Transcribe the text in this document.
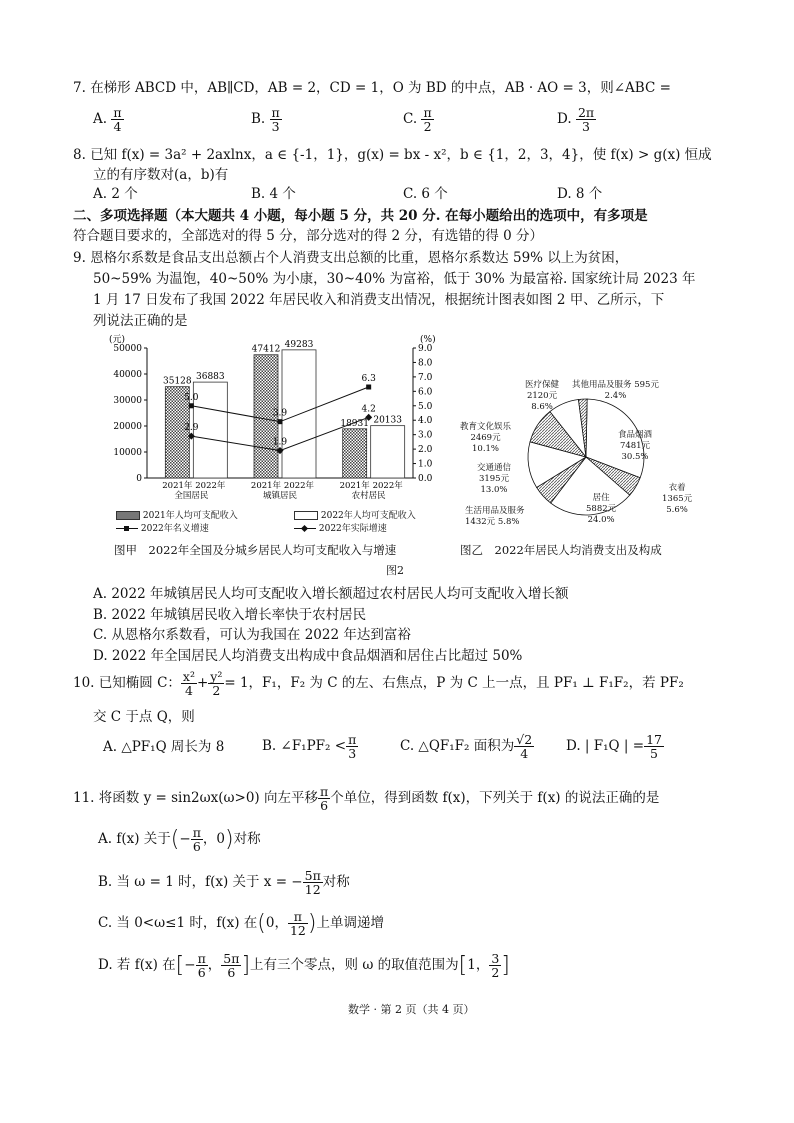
7. 在梯形 ABCD 中，AB∥CD，AB = 2，CD = 1，O 为 BD 的中点，AB · AO = 3，则∠ABC =
A. $\frac{\pi}{4}$	B. $\frac{\pi}{3}$	C. $\frac{\pi}{2}$	D. $\frac{2\pi}{3}$
8. 已知 f(x) = 3a² + 2axlnx，a ∈ {-1，1}，g(x) = bx - x²，b ∈ {1，2，3，4}，使 f(x) > g(x) 恒成
立的有序数对(a，b)有
A. 2 个	B. 4 个	C. 6 个	D. 8 个
二、多项选择题（本大题共 4 小题，每小题 5 分，共 20 分. 在每小题给出的选项中，有多项是
符合题目要求的，全部选对的得 5 分，部分选对的得 2 分，有选错的得 0 分）
9. 恩格尔系数是食品支出总额占个人消费支出总额的比重，恩格尔系数达 59% 以上为贫困，
50~59% 为温饱，40~50% 为小康，30~40% 为富裕，低于 30% 为最富裕. 国家统计局 2023 年
1 月 17 日发布了我国 2022 年居民收入和消费支出情况，根据统计图表如图 2 甲、乙所示，下
列说法正确的是
(元)	(%)
50000
40000
30000
20000
10000
0
9.0
8.0
7.0
6.0
5.0
4.0
3.0
2.0
1.0
0.0
35128 36883
2021年 2022年
全国居民
47412 49283
2021年 2022年
城镇居民
18931 20133
2021年 2022年
农村居民
5.0
3.9
6.3
2.9
1.9
4.2
2021年人均可支配收入	2022年人均可支配收入
2022年名义增速	2022年实际增速
医疗保健
2120元
8.6%
其他用品及服务 595元
2.4%
教育文化娱乐
2469元
10.1%
食品烟酒
7481元
30.5%
交通通信
3195元
13.0%	衣着
1365元
5.6%
居住
5882元
24.0%
生活用品及服务
1432元 5.8%
图甲　2022年全国及分城乡居民人均可支配收入与增速	图乙　2022年居民人均消费支出及构成
图2
A. 2022 年城镇居民人均可支配收入增长额超过农村居民人均可支配收入增长额
B. 2022 年城镇居民收入增长率快于农村居民
C. 从恩格尔系数看，可认为我国在 2022 年达到富裕
D. 2022 年全国居民人均消费支出构成中食品烟酒和居住占比超过 50%
10. 已知椭圆 C： $\frac{\text{x²}}{4} + \frac{\text{y²}}{2} = 1$，F₁，F₂ 为 C 的左、右焦点，P 为 C 上一点，且 PF₁ ⊥ F₁F₂，若 PF₂
交 C 于点 Q，则
A. △PF₁Q 周长为 8	B. ∠F₁PF₂ < $\frac{\pi}{3}$	C. △QF₁F₂ 面积为 $\frac{√2}{4} D$. | F₁Q | = $\frac{17}{5}$
11. 将函数 y = sin2ωx(ω>0) 向左平移 $\frac{\pi}{6}$ 个单位，得到函数 f(x)，下列关于 f(x) 的说法正确的是
A. f(x) 关于(− $\frac{\pi}{6}$ ，0)对称
B. 当 ω = 1 时，f(x) 关于 x = − $\frac{5\pi}{12}$ 对称
C. 当 0<ω≤1 时，f(x) 在(0， $\frac{\pi}{12}$ )上单调递增
D. 若 f(x) 在[− $\frac{\pi}{6}$ ， $\frac{5\pi}{6}$ ]上有三个零点，则 ω 的取值范围为[1， $\frac{3}{2}$ ]
数学 · 第 2 页（共 4 页）
